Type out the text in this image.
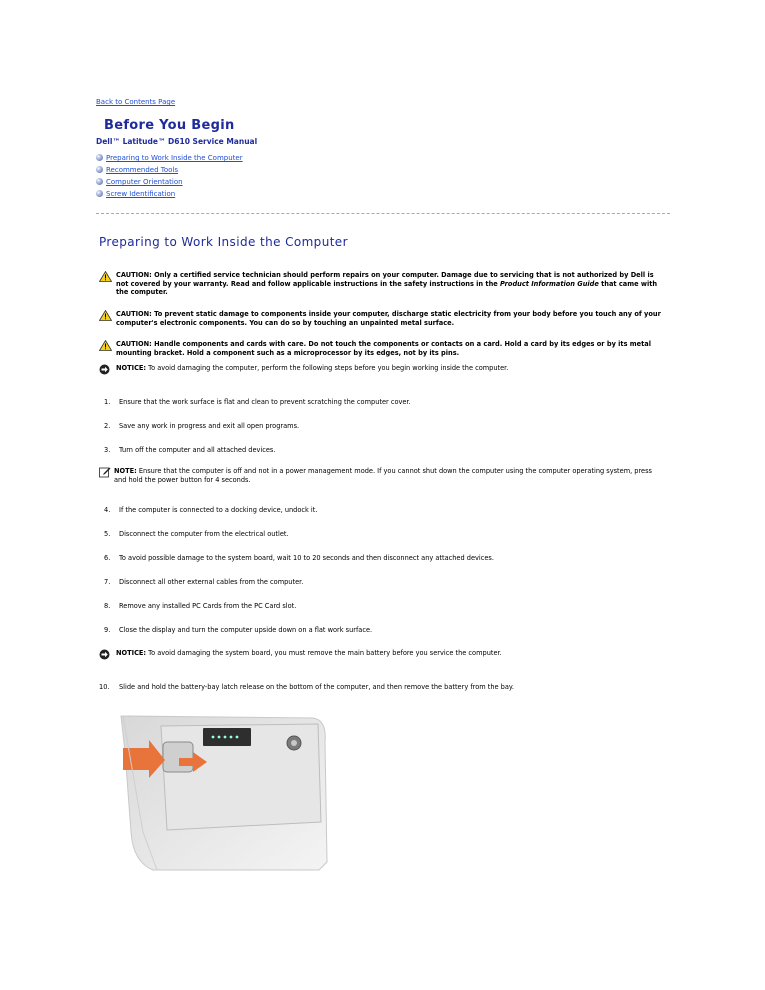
Back to Contents Page
Before You Begin
Dell™ Latitude™ D610 Service Manual
Preparing to Work Inside the Computer
Recommended Tools
Computer Orientation
Screw Identification
Preparing to Work Inside the Computer
CAUTION: Only a certified service technician should perform repairs on your computer. Damage due to servicing that is not authorized by Dell is not covered by your warranty. Read and follow applicable instructions in the safety instructions in the Product Information Guide that came with the computer.
CAUTION: To prevent static damage to components inside your computer, discharge static electricity from your body before you touch any of your computer's electronic components. You can do so by touching an unpainted metal surface.
CAUTION: Handle components and cards with care. Do not touch the components or contacts on a card. Hold a card by its edges or by its metal mounting bracket. Hold a component such as a microprocessor by its edges, not by its pins.
NOTICE: To avoid damaging the computer, perform the following steps before you begin working inside the computer.
1. Ensure that the work surface is flat and clean to prevent scratching the computer cover.
2. Save any work in progress and exit all open programs.
3. Turn off the computer and all attached devices.
NOTE: Ensure that the computer is off and not in a power management mode. If you cannot shut down the computer using the computer operating system, press and hold the power button for 4 seconds.
4. If the computer is connected to a docking device, undock it.
5. Disconnect the computer from the electrical outlet.
6. To avoid possible damage to the system board, wait 10 to 20 seconds and then disconnect any attached devices.
7. Disconnect all other external cables from the computer.
8. Remove any installed PC Cards from the PC Card slot.
9. Close the display and turn the computer upside down on a flat work surface.
NOTICE: To avoid damaging the system board, you must remove the main battery before you service the computer.
10. Slide and hold the battery-bay latch release on the bottom of the computer, and then remove the battery from the bay.
